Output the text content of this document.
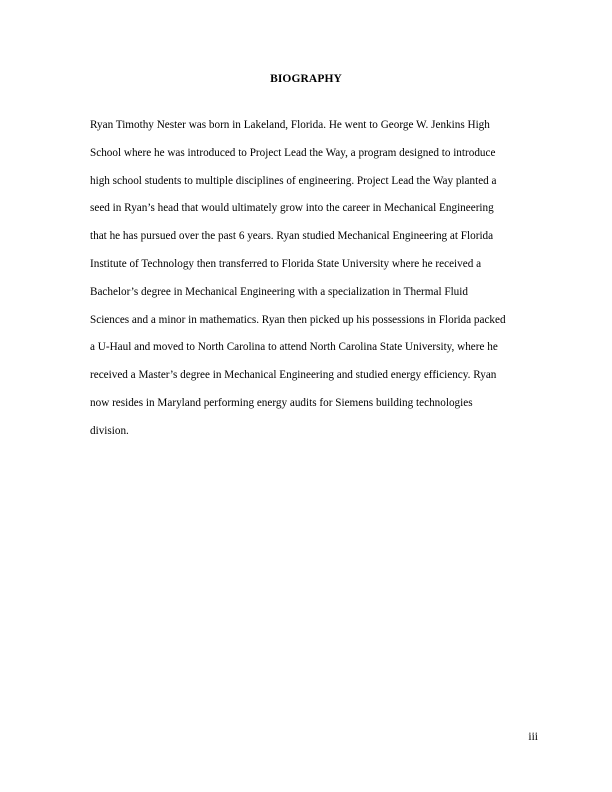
BIOGRAPHY
Ryan Timothy Nester was born in Lakeland, Florida. He went to George W. Jenkins High
School where he was introduced to Project Lead the Way, a program designed to introduce
high school students to multiple disciplines of engineering. Project Lead the Way planted a
seed in Ryan’s head that would ultimately grow into the career in Mechanical Engineering
that he has pursued over the past 6 years. Ryan studied Mechanical Engineering at Florida
Institute of Technology then transferred to Florida State University where he received a
Bachelor’s degree in Mechanical Engineering with a specialization in Thermal Fluid
Sciences and a minor in mathematics. Ryan then picked up his possessions in Florida packed
a U-Haul and moved to North Carolina to attend North Carolina State University, where he
received a Master’s degree in Mechanical Engineering and studied energy efficiency. Ryan
now resides in Maryland performing energy audits for Siemens building technologies
division.
iii
